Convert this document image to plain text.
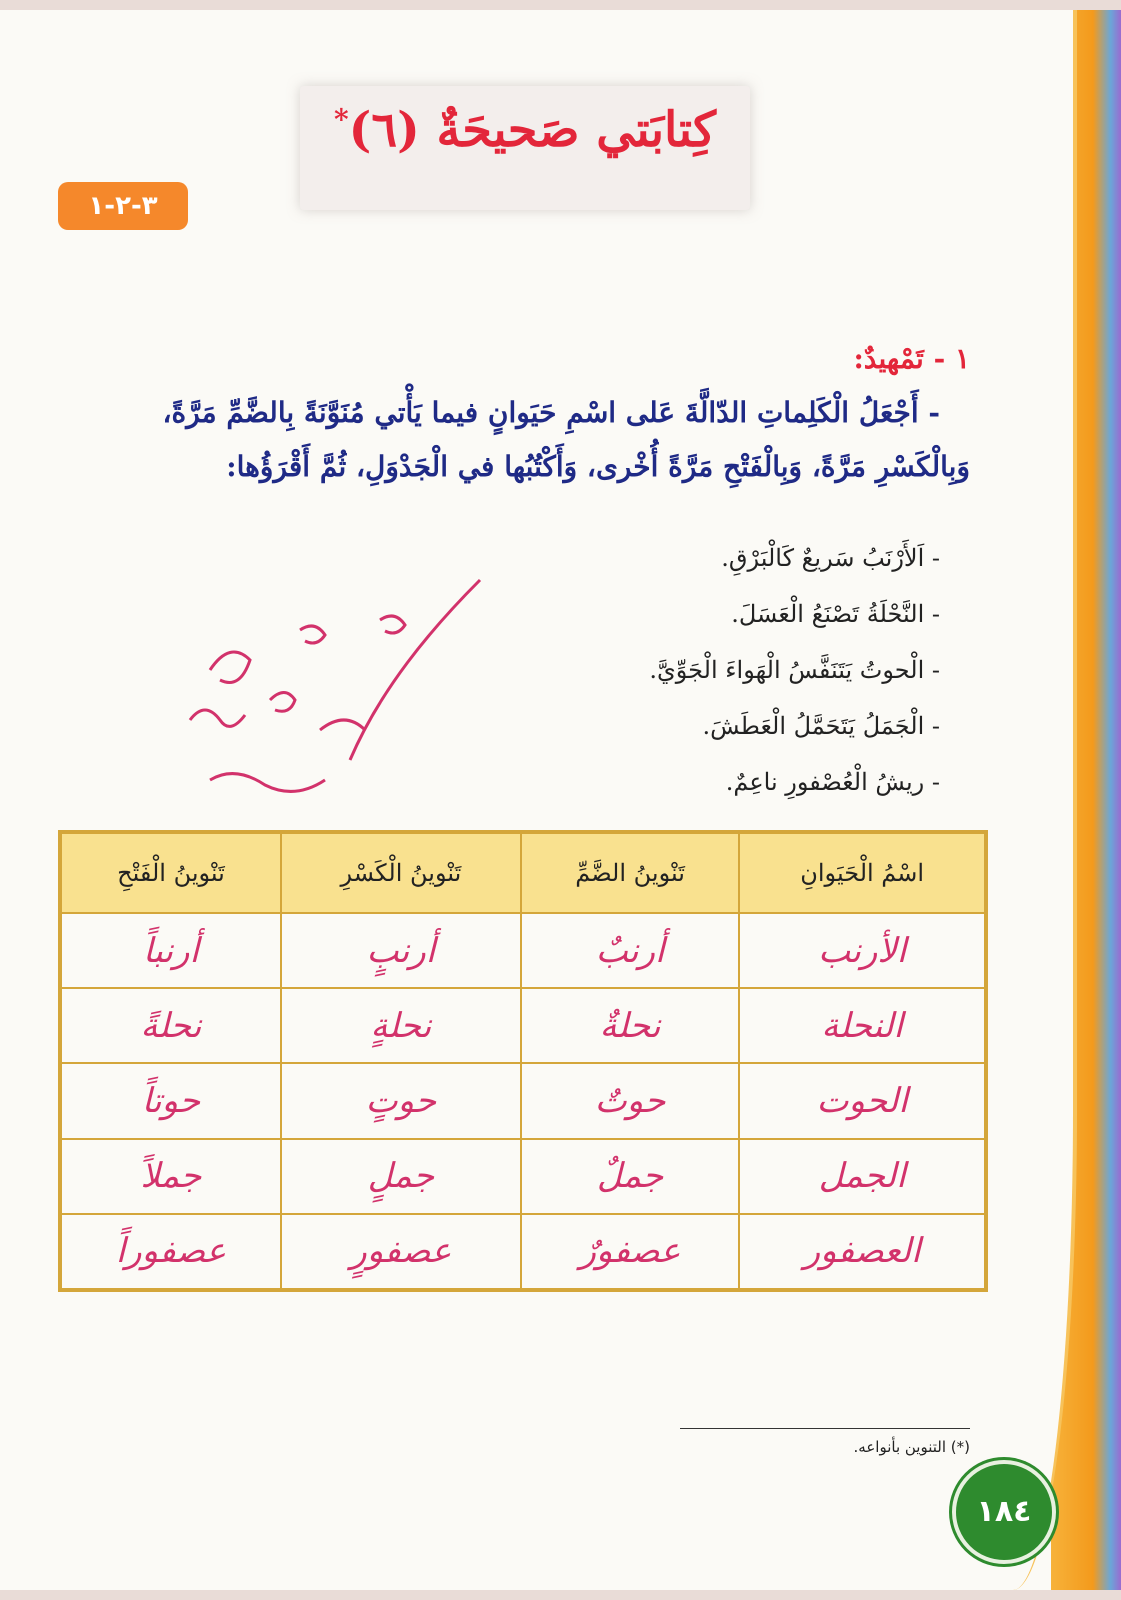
كِتابَتي صَحيحَةٌ (٦)*
٣-٢-١

١ - تَمْهيدٌ:

- أَجْعَلُ الْكَلِماتِ الدّالَّةَ عَلى اسْمِ حَيَوانٍ فيما يَأْتي مُنَوَّنَةً بِالضَّمِّ مَرَّةً،

وَبِالْكَسْرِ مَرَّةً، وَبِالْفَتْحِ مَرَّةً أُخْرى، وَأَكْتُبُها في الْجَدْوَلِ، ثُمَّ أَقْرَؤُها:

- اَلأَرْنَبُ سَريعٌ كَالْبَرْقِ.

- النَّحْلَةُ تَصْنَعُ الْعَسَلَ.

- الْحوتُ يَتَنَفَّسُ الْهَواءَ الْجَوِّيَّ.

- الْجَمَلُ يَتَحَمَّلُ الْعَطَشَ.

- ريشُ الْعُصْفورِ ناعِمٌ.

اسْمُ الْحَيَوانِ	تَنْوينُ الضَّمِّ	تَنْوينُ الْكَسْرِ	تَنْوينُ الْفَتْحِ
الأرنب	أرنبٌ	أرنبٍ	أرنباً
النحلة	نحلةٌ	نحلةٍ	نحلةً
الحوت	حوتٌ	حوتٍ	حوتاً
الجمل	جملٌ	جملٍ	جملاً
العصفور	عصفورٌ	عصفورٍ	عصفوراً
(*) التنوين بأنواعه.
١٨٤
